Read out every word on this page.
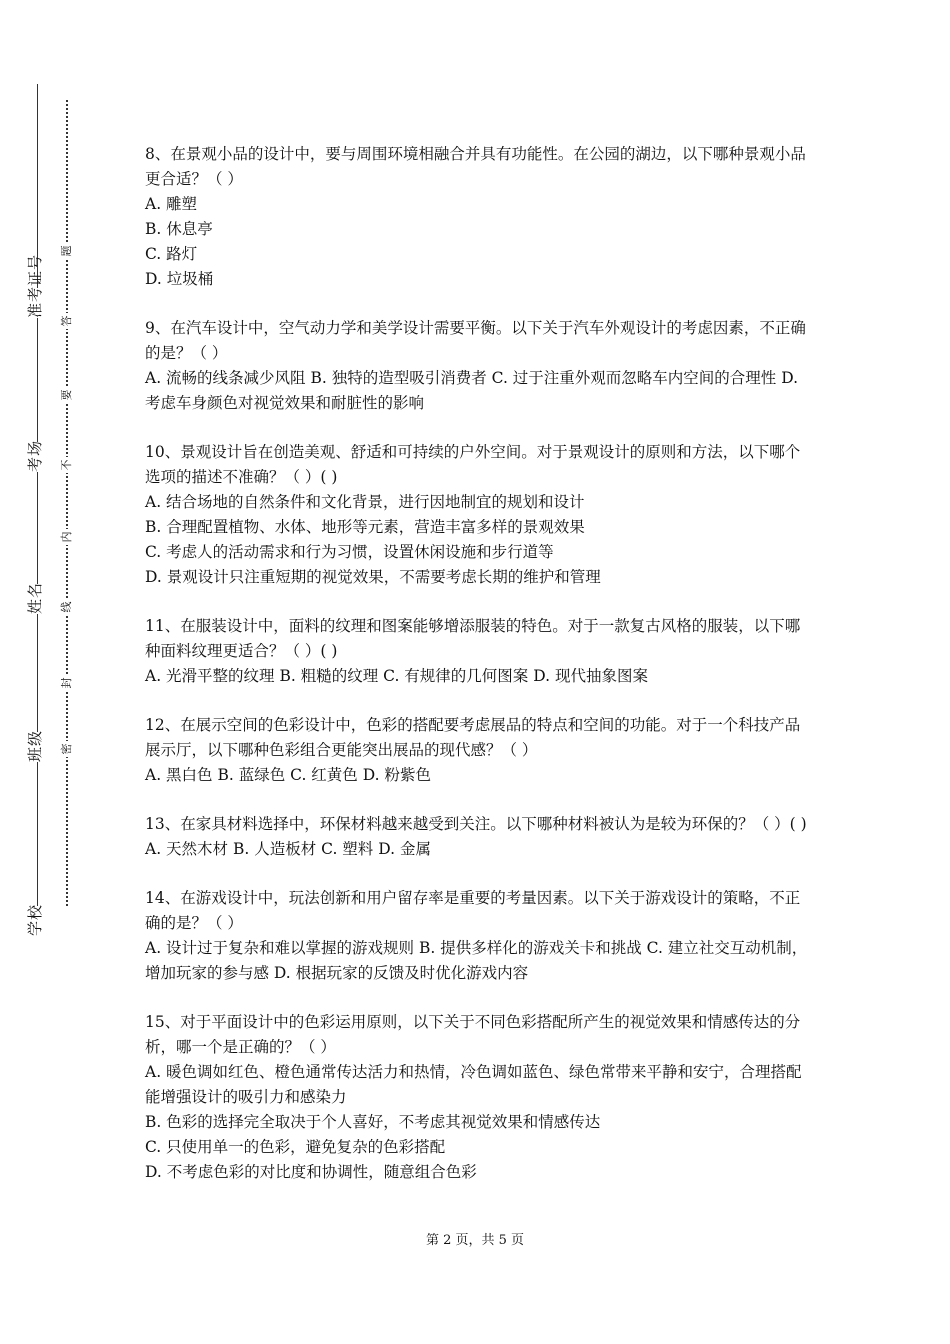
学校
班级
姓名
考场
准考证号
密
封
线
内
不
要
答
题

8、在景观小品的设计中，要与周围环境相融合并具有功能性。在公园的湖边，以下哪种景观小品更合适？（ ）

A. 雕塑

B. 休息亭

C. 路灯

D. 垃圾桶

9、在汽车设计中，空气动力学和美学设计需要平衡。以下关于汽车外观设计的考虑因素，不正确的是？（ ）

A. 流畅的线条减少风阻 B. 独特的造型吸引消费者 C. 过于注重外观而忽略车内空间的合理性 D. 考虑车身颜色对视觉效果和耐脏性的影响

10、景观设计旨在创造美观、舒适和可持续的户外空间。对于景观设计的原则和方法，以下哪个选项的描述不准确？（ ）( )

A. 结合场地的自然条件和文化背景，进行因地制宜的规划和设计

B. 合理配置植物、水体、地形等元素，营造丰富多样的景观效果

C. 考虑人的活动需求和行为习惯，设置休闲设施和步行道等

D. 景观设计只注重短期的视觉效果，不需要考虑长期的维护和管理

11、在服装设计中，面料的纹理和图案能够增添服装的特色。对于一款复古风格的服装，以下哪种面料纹理更适合？（ ）( )

A. 光滑平整的纹理 B. 粗糙的纹理 C. 有规律的几何图案 D. 现代抽象图案

12、在展示空间的色彩设计中，色彩的搭配要考虑展品的特点和空间的功能。对于一个科技产品展示厅，以下哪种色彩组合更能突出展品的现代感？（ ）

A. 黑白色 B. 蓝绿色 C. 红黄色 D. 粉紫色

13、在家具材料选择中，环保材料越来越受到关注。以下哪种材料被认为是较为环保的？（ ）( )

A. 天然木材 B. 人造板材 C. 塑料 D. 金属

14、在游戏设计中，玩法创新和用户留存率是重要的考量因素。以下关于游戏设计的策略，不正确的是？（ ）

A. 设计过于复杂和难以掌握的游戏规则 B. 提供多样化的游戏关卡和挑战 C. 建立社交互动机制，增加玩家的参与感 D. 根据玩家的反馈及时优化游戏内容

15、对于平面设计中的色彩运用原则，以下关于不同色彩搭配所产生的视觉效果和情感传达的分析，哪一个是正确的？（ ）

A. 暖色调如红色、橙色通常传达活力和热情，冷色调如蓝色、绿色常带来平静和安宁，合理搭配能增强设计的吸引力和感染力

B. 色彩的选择完全取决于个人喜好，不考虑其视觉效果和情感传达

C. 只使用单一的色彩，避免复杂的色彩搭配

D. 不考虑色彩的对比度和协调性，随意组合色彩

第 2 页，共 5 页
